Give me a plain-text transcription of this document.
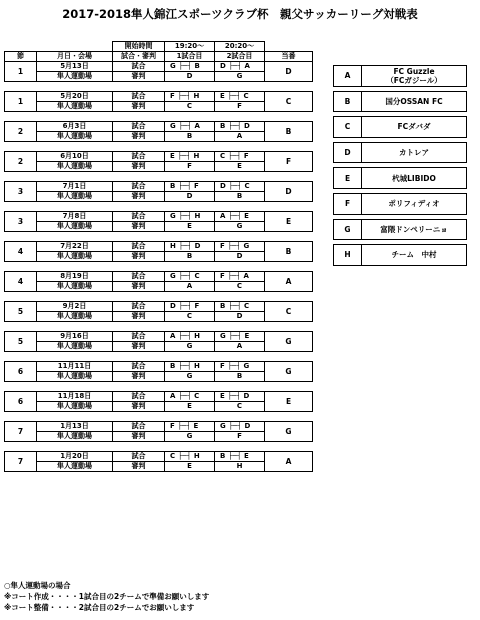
2017-2018隼人錦江スポーツクラブ杯　親父サッカーリーグ対戦表
		開始時間	19:20～	20:20～	
節	月日・会場	試合・審判	1試合目	2試合目	当番
1	5月13日	試合	G ├─┤ B	D ├─┤ A	D
	隼人運動場	審判	D	G	

1	5月20日	試合	F ├─┤ H	E ├─┤ C	C
	隼人運動場	審判	C	F	

2	6月3日	試合	G ├─┤ A	B ├─┤ D	B
	隼人運動場	審判	B	A	

2	6月10日	試合	E ├─┤ H	C ├─┤ F	F
	隼人運動場	審判	F	E	

3	7月1日	試合	B ├─┤ F	D ├─┤ C	D
	隼人運動場	審判	D	B	

3	7月8日	試合	G ├─┤ H	A ├─┤ E	E
	隼人運動場	審判	E	G	

4	7月22日	試合	H ├─┤ D	F ├─┤ G	B
	隼人運動場	審判	B	D	

4	8月19日	試合	G ├─┤ C	F ├─┤ A	A
	隼人運動場	審判	A	C	

5	9月2日	試合	D ├─┤ F	B ├─┤ C	C
	隼人運動場	審判	C	D	

5	9月16日	試合	A ├─┤ H	G ├─┤ E	G
	隼人運動場	審判	G	A	

6	11月11日	試合	B ├─┤ H	F ├─┤ G	G
	隼人運動場	審判	G	B	

6	11月18日	試合	A ├─┤ C	E ├─┤ D	E
	隼人運動場	審判	E	C	

7	1月13日	試合	F ├─┤ E	G ├─┤ D	G
	隼人運動場	審判	G	F	

7	1月20日	試合	C ├─┤ H	B ├─┤ E	A
	隼人運動場	審判	E	H	
A	FC Guzzle
（FCガジール）

B	国分OSSAN FC

C	FCダバダ

D	カトレア

E	杙城LIBIDO

F	ポリフィディオ

G	富隈ドンペリーニョ

H	チーム　中村
○隼人運動場の場合
※コート作成・・・・1試合目の2チームで準備お願いします
※コート整備・・・・2試合目の2チームでお願いします
